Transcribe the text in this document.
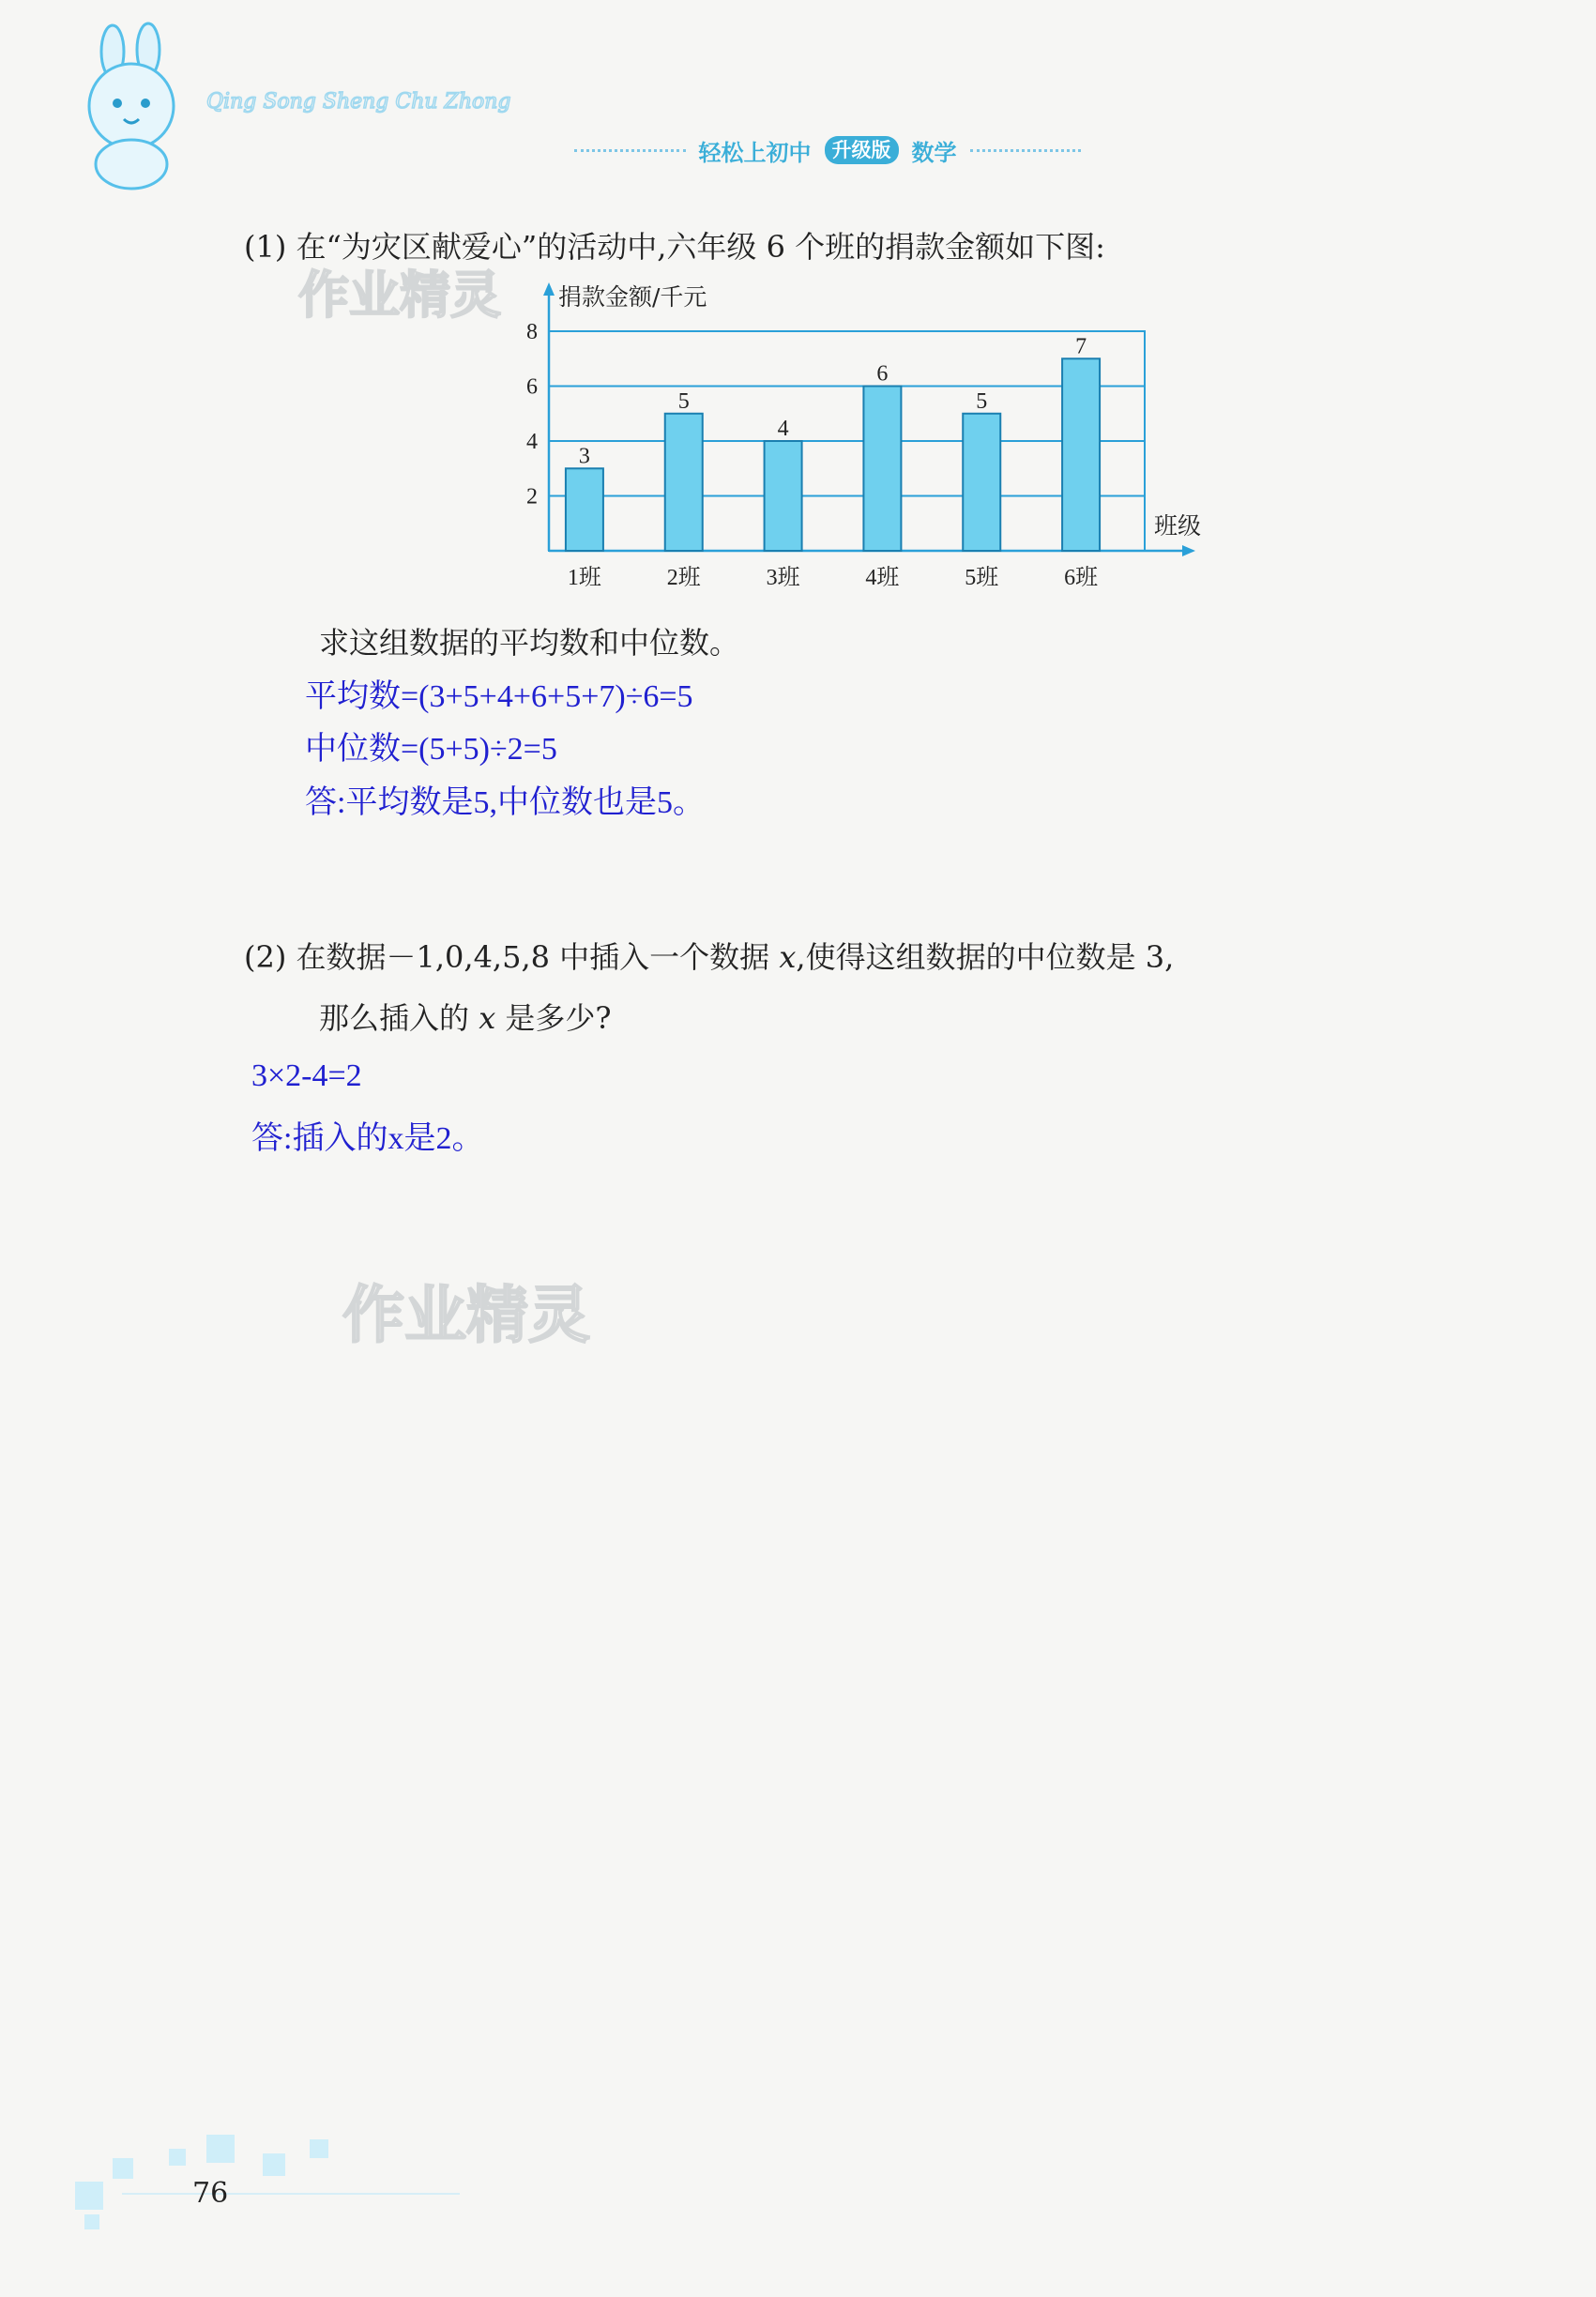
Qing Song Sheng Chu Zhong
轻松上初中	升级版 数学
(1) 在“为灾区献爱心”的活动中,六年级 6 个班的捐款金额如下图:
作业精灵
2
4
6
8
捐款金额/千元
班级
3
1班
5
2班
4
3班
6
4班
5
5班
7
6班
求这组数据的平均数和中位数。
平均数=(3+5+4+6+5+7)÷6=5
中位数=(5+5)÷2=5
答:平均数是5,中位数也是5。
(2) 在数据－1,0,4,5,8 中插入一个数据 x,使得这组数据的中位数是 3,
那么插入的 x 是多少?
3×2-4=2
答:插入的x是2。
作业精灵
76
